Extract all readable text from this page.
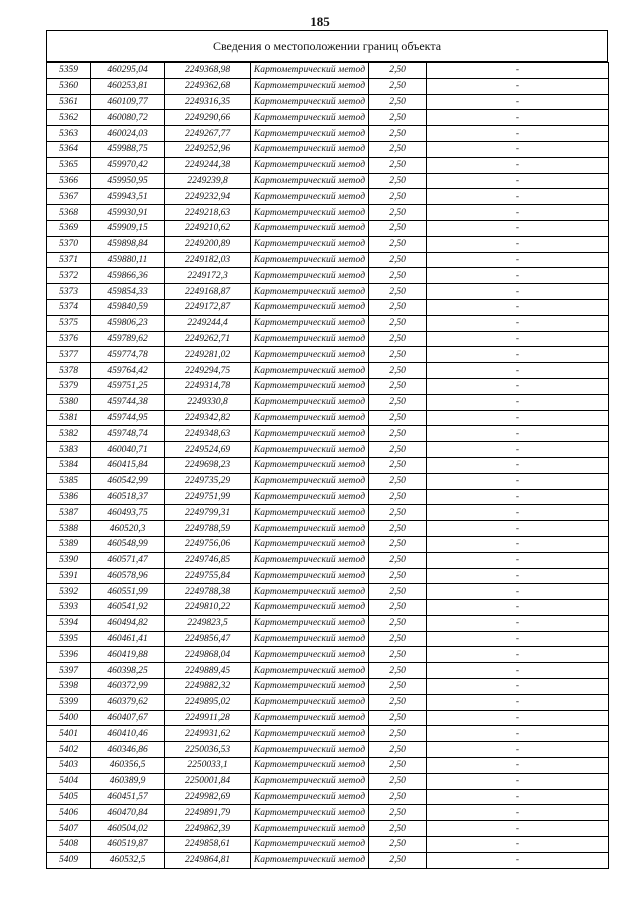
185
Сведения о местоположении границ объекта
5359	460295,04	2249368,98	Картометрический метод	2,50	-
5360	460253,81	2249362,68	Картометрический метод	2,50	-
5361	460109,77	2249316,35	Картометрический метод	2,50	-
5362	460080,72	2249290,66	Картометрический метод	2,50	-
5363	460024,03	2249267,77	Картометрический метод	2,50	-
5364	459988,75	2249252,96	Картометрический метод	2,50	-
5365	459970,42	2249244,38	Картометрический метод	2,50	-
5366	459950,95	2249239,8	Картометрический метод	2,50	-
5367	459943,51	2249232,94	Картометрический метод	2,50	-
5368	459930,91	2249218,63	Картометрический метод	2,50	-
5369	459909,15	2249210,62	Картометрический метод	2,50	-
5370	459898,84	2249200,89	Картометрический метод	2,50	-
5371	459880,11	2249182,03	Картометрический метод	2,50	-
5372	459866,36	2249172,3	Картометрический метод	2,50	-
5373	459854,33	2249168,87	Картометрический метод	2,50	-
5374	459840,59	2249172,87	Картометрический метод	2,50	-
5375	459806,23	2249244,4	Картометрический метод	2,50	-
5376	459789,62	2249262,71	Картометрический метод	2,50	-
5377	459774,78	2249281,02	Картометрический метод	2,50	-
5378	459764,42	2249294,75	Картометрический метод	2,50	-
5379	459751,25	2249314,78	Картометрический метод	2,50	-
5380	459744,38	2249330,8	Картометрический метод	2,50	-
5381	459744,95	2249342,82	Картометрический метод	2,50	-
5382	459748,74	2249348,63	Картометрический метод	2,50	-
5383	460040,71	2249524,69	Картометрический метод	2,50	-
5384	460415,84	2249698,23	Картометрический метод	2,50	-
5385	460542,99	2249735,29	Картометрический метод	2,50	-
5386	460518,37	2249751,99	Картометрический метод	2,50	-
5387	460493,75	2249799,31	Картометрический метод	2,50	-
5388	460520,3	2249788,59	Картометрический метод	2,50	-
5389	460548,99	2249756,06	Картометрический метод	2,50	-
5390	460571,47	2249746,85	Картометрический метод	2,50	-
5391	460578,96	2249755,84	Картометрический метод	2,50	-
5392	460551,99	2249788,38	Картометрический метод	2,50	-
5393	460541,92	2249810,22	Картометрический метод	2,50	-
5394	460494,82	2249823,5	Картометрический метод	2,50	-
5395	460461,41	2249856,47	Картометрический метод	2,50	-
5396	460419,88	2249868,04	Картометрический метод	2,50	-
5397	460398,25	2249889,45	Картометрический метод	2,50	-
5398	460372,99	2249882,32	Картометрический метод	2,50	-
5399	460379,62	2249895,02	Картометрический метод	2,50	-
5400	460407,67	2249911,28	Картометрический метод	2,50	-
5401	460410,46	2249931,62	Картометрический метод	2,50	-
5402	460346,86	2250036,53	Картометрический метод	2,50	-
5403	460356,5	2250033,1	Картометрический метод	2,50	-
5404	460389,9	2250001,84	Картометрический метод	2,50	-
5405	460451,57	2249982,69	Картометрический метод	2,50	-
5406	460470,84	2249891,79	Картометрический метод	2,50	-
5407	460504,02	2249862,39	Картометрический метод	2,50	-
5408	460519,87	2249858,61	Картометрический метод	2,50	-
5409	460532,5	2249864,81	Картометрический метод	2,50	-
